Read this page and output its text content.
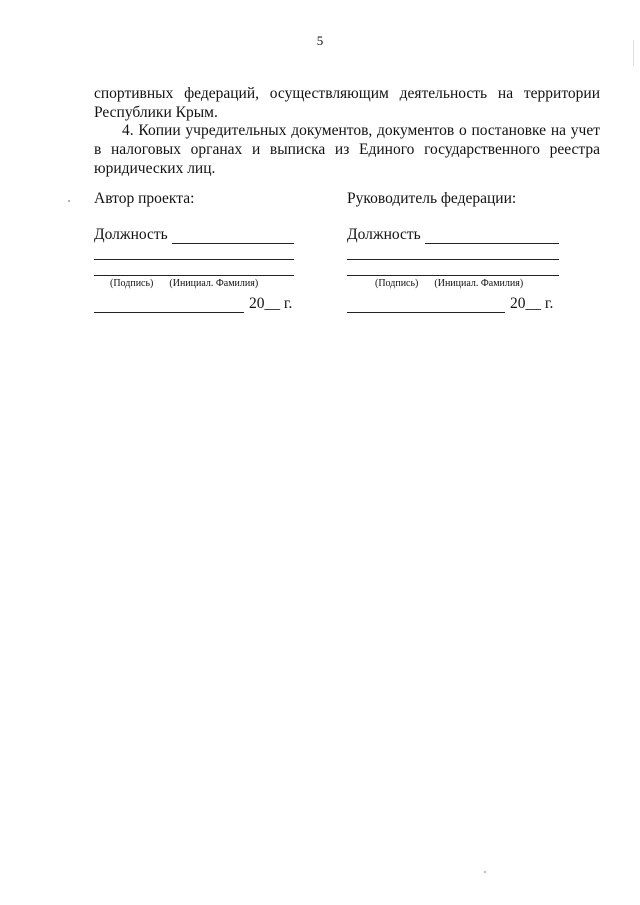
5
спортивных федераций, осуществляющим деятельность на территории Республики Крым.
4. Копии учредительных документов, документов о постановке на учет в налоговых органах и выписка из Единого государственного реестра юридических лиц.
Автор проекта:
Должность
(Подпись) (Инициал. Фамилия)
20__ г.
Руководитель федерации:
Должность
(Подпись) (Инициал. Фамилия)
20__ г.
